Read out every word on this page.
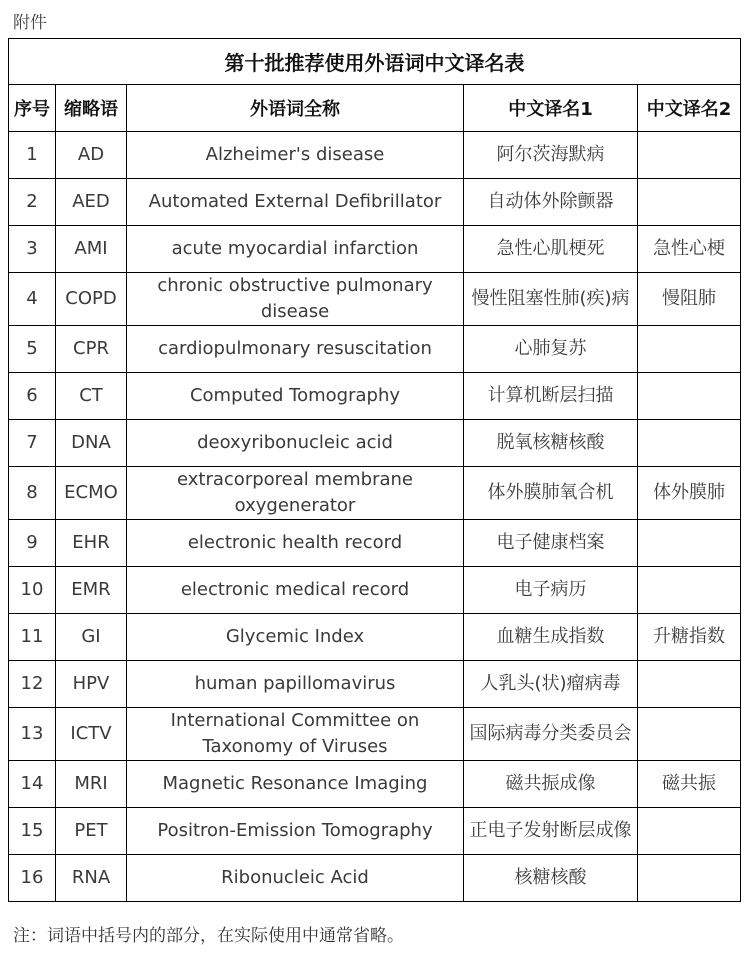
附件
第十批推荐使用外语词中文译名表				
序号	缩略语	外语词全称	中文译名1	中文译名2
1	AD	Alzheimer's disease	阿尔茨海默病	
2	AED	Automated External Defibrillator	自动体外除颤器	
3	AMI	acute myocardial infarction	急性心肌梗死	急性心梗
4	COPD	chronic obstructive pulmonary disease	慢性阻塞性肺(疾)病	慢阻肺
5	CPR	cardiopulmonary resuscitation	心肺复苏	
6	CT	Computed Tomography	计算机断层扫描	
7	DNA	deoxyribonucleic acid	脱氧核糖核酸	
8	ECMO	extracorporeal membrane oxygenerator	体外膜肺氧合机	体外膜肺
9	EHR	electronic health record	电子健康档案	
10	EMR	electronic medical record	电子病历	
11	GI	Glycemic Index	血糖生成指数	升糖指数
12	HPV	human papillomavirus	人乳头(状)瘤病毒	
13	ICTV	International Committee on Taxonomy of Viruses	国际病毒分类委员会	
14	MRI	Magnetic Resonance Imaging	磁共振成像	磁共振
15	PET	Positron-Emission Tomography	正电子发射断层成像	
16	RNA	Ribonucleic Acid	核糖核酸	
注：词语中括号内的部分，在实际使用中通常省略。
